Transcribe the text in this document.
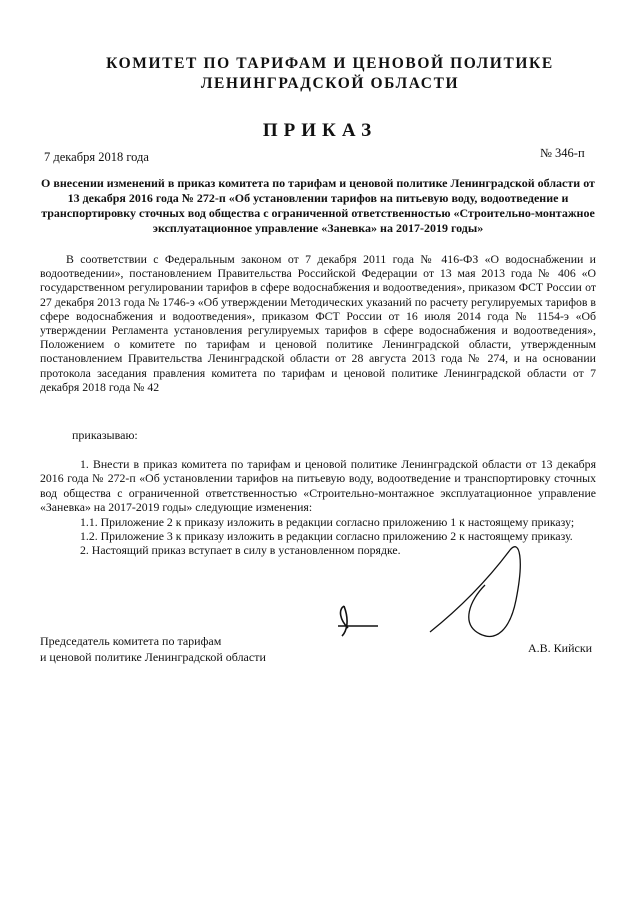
КОМИТЕТ ПО ТАРИФАМ И ЦЕНОВОЙ ПОЛИТИКЕ
ЛЕНИНГРАДСКОЙ ОБЛАСТИ
ПРИКАЗ
7 декабря 2018 года	№ 346-п
О внесении изменений в приказ комитета по тарифам и ценовой политике Ленинградской области от 13 декабря 2016 года № 272-п «Об установлении тарифов на питьевую воду, водоотведение и транспортировку сточных вод общества с ограниченной ответственностью «Строительно-монтажное эксплуатационное управление «Заневка» на 2017-2019 годы»
В соответствии с Федеральным законом от 7 декабря 2011 года № 416-ФЗ «О водоснабжении и водоотведении», постановлением Правительства Российской Федерации от 13 мая 2013 года № 406 «О государственном регулировании тарифов в сфере водоснабжения и водоотведения», приказом ФСТ России от 27 декабря 2013 года № 1746-э «Об утверждении Методических указаний по расчету регулируемых тарифов в сфере водоснабжения и водоотведения», приказом ФСТ России от 16 июля 2014 года № 1154-э «Об утверждении Регламента установления регулируемых тарифов в сфере водоснабжения и водоотведения», Положением о комитете по тарифам и ценовой политике Ленинградской области, утвержденным постановлением Правительства Ленинградской области от 28 августа 2013 года № 274, и на основании протокола заседания правления комитета по тарифам и ценовой политике Ленинградской области от 7 декабря 2018 года № 42
приказываю:

1. Внести в приказ комитета по тарифам и ценовой политике Ленинградской области от 13 декабря 2016 года № 272-п «Об установлении тарифов на питьевую воду, водоотведение и транспортировку сточных вод общества с ограниченной ответственностью «Строительно-монтажное эксплуатационное управление «Заневка» на 2017-2019 годы» следующие изменения:

1.1. Приложение 2 к приказу изложить в редакции согласно приложению 1 к настоящему приказу;

1.2. Приложение 3 к приказу изложить в редакции согласно приложению 2 к настоящему приказу.

2. Настоящий приказ вступает в силу в установленном порядке.

Председатель комитета по тарифам
и ценовой политике Ленинградской области
А.В. Кийски
